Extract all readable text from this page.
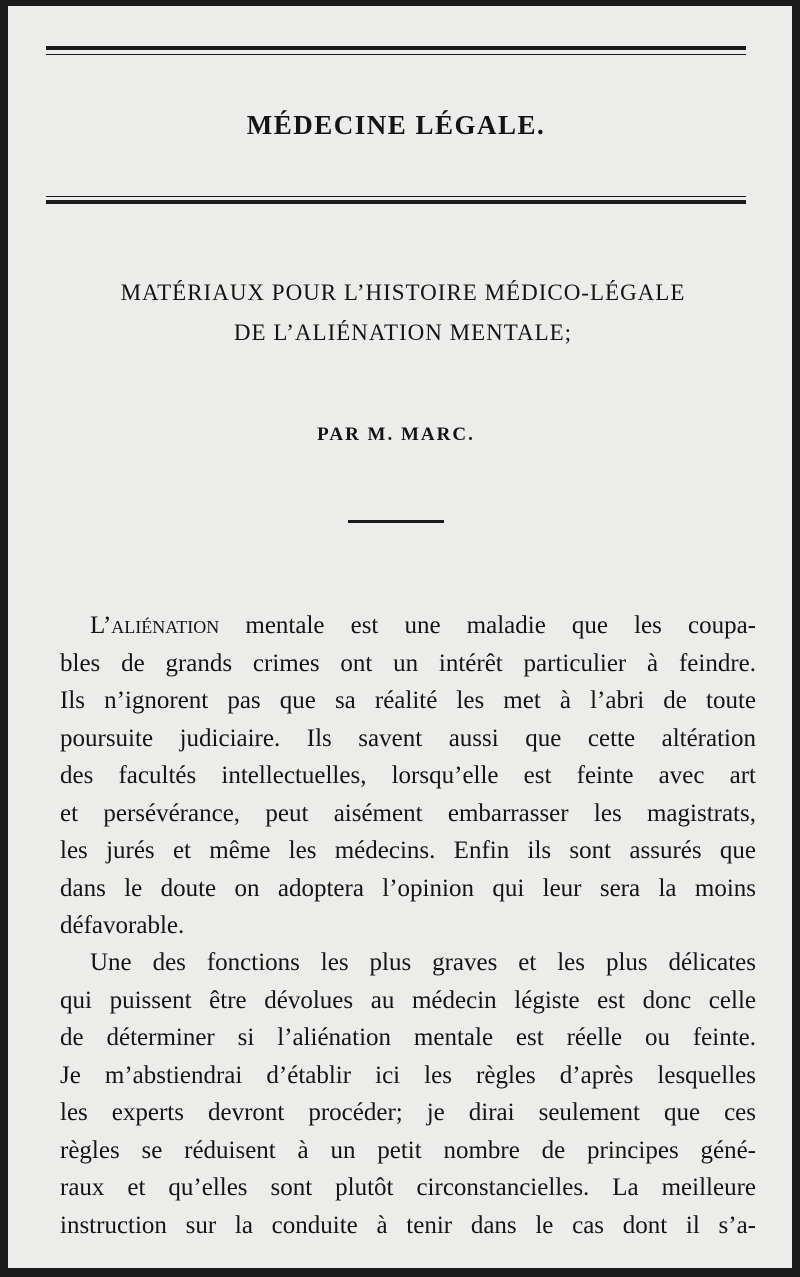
MÉDECINE LÉGALE.
MATÉRIAUX POUR L’HISTOIRE MÉDICO-LÉGALE
DE L’ALIÉNATION MENTALE;
PAR M. MARC.
L’aliénation mentale est une maladie que les coupa-
bles de grands crimes ont un intérêt particulier à feindre.
Ils n’ignorent pas que sa réalité les met à l’abri de toute
poursuite judiciaire. Ils savent aussi que cette altération
des facultés intellectuelles, lorsqu’elle est feinte avec art
et persévérance, peut aisément embarrasser les magistrats,
les jurés et même les médecins. Enfin ils sont assurés que
dans le doute on adoptera l’opinion qui leur sera la moins
défavorable.
Une des fonctions les plus graves et les plus délicates
qui puissent être dévolues au médecin légiste est donc celle
de déterminer si l’aliénation mentale est réelle ou feinte.
Je m’abstiendrai d’établir ici les règles d’après lesquelles
les experts devront procéder; je dirai seulement que ces
règles se réduisent à un petit nombre de principes géné-
raux et qu’elles sont plutôt circonstancielles. La meilleure
instruction sur la conduite à tenir dans le cas dont il s’a-
